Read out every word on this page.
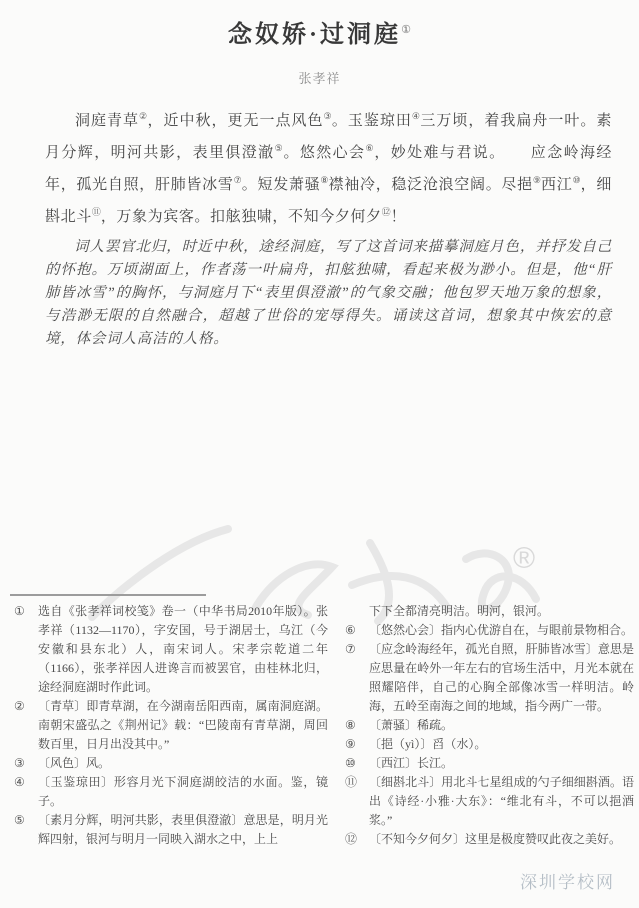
念奴娇·过洞庭①
张孝祥

洞庭青草②，近中秋，更无一点风色③。玉鉴琼田④三万顷，着我扁舟一叶。素月分辉，明河共影，表里俱澄澈⑤。悠然心会⑥，妙处难与君说。　　应念岭海经年，孤光自照，肝肺皆冰雪⑦。短发萧骚⑧襟袖冷，稳泛沧浪空阔。尽挹⑨西江⑩，细斟北斗⑪，万象为宾客。扣舷独啸，不知今夕何夕⑫！

词人罢官北归，时近中秋，途经洞庭，写了这首词来描摹洞庭月色，并抒发自己的怀抱。万顷湖面上，作者荡一叶扁舟，扣舷独啸，看起来极为渺小。但是，他“肝肺皆冰雪”的胸怀，与洞庭月下“表里俱澄澈”的气象交融；他包罗天地万象的想象，与浩渺无限的自然融合，超越了世俗的宠辱得失。诵读这首词，想象其中恢宏的意境，体会词人高洁的人格。

®
①	选自《张孝祥词校笺》卷一（中华书局2010年版）。张孝祥（1132—1170），字安国，号于湖居士，乌江（今安徽和县东北）人，南宋词人。宋孝宗乾道二年（1166），张孝祥因人进谗言而被罢官，由桂林北归，途经洞庭湖时作此词。
②	〔青草〕即青草湖，在今湖南岳阳西南，属南洞庭湖。南朝宋盛弘之《荆州记》载：“巴陵南有青草湖，周回数百里，日月出没其中。”
③	〔风色〕风。
④	〔玉鉴琼田〕形容月光下洞庭湖皎洁的水面。鉴，镜子。
⑤	〔素月分辉，明河共影，表里俱澄澈〕意思是，明月光辉四射，银河与明月一同映入湖水之中，上上
下下全都清亮明洁。明河，银河。
⑥	〔悠然心会〕指内心优游自在，与眼前景物相合。
⑦	〔应念岭海经年，孤光自照，肝肺皆冰雪〕意思是应思量在岭外一年左右的官场生活中，月光本就在照耀陪伴，自己的心胸全部像冰雪一样明洁。岭海，五岭至南海之间的地域，指今两广一带。
⑧	〔萧骚〕稀疏。
⑨	〔挹（yì）〕舀（水）。
⑩	〔西江〕长江。
⑪ 〔细斟北斗〕用北斗七星组成的勺子细细斟酒。语出《诗经·小雅·大东》：“维北有斗，不可以挹酒浆。”
⑫ 〔不知今夕何夕〕这里是极度赞叹此夜之美好。
深圳学校网
